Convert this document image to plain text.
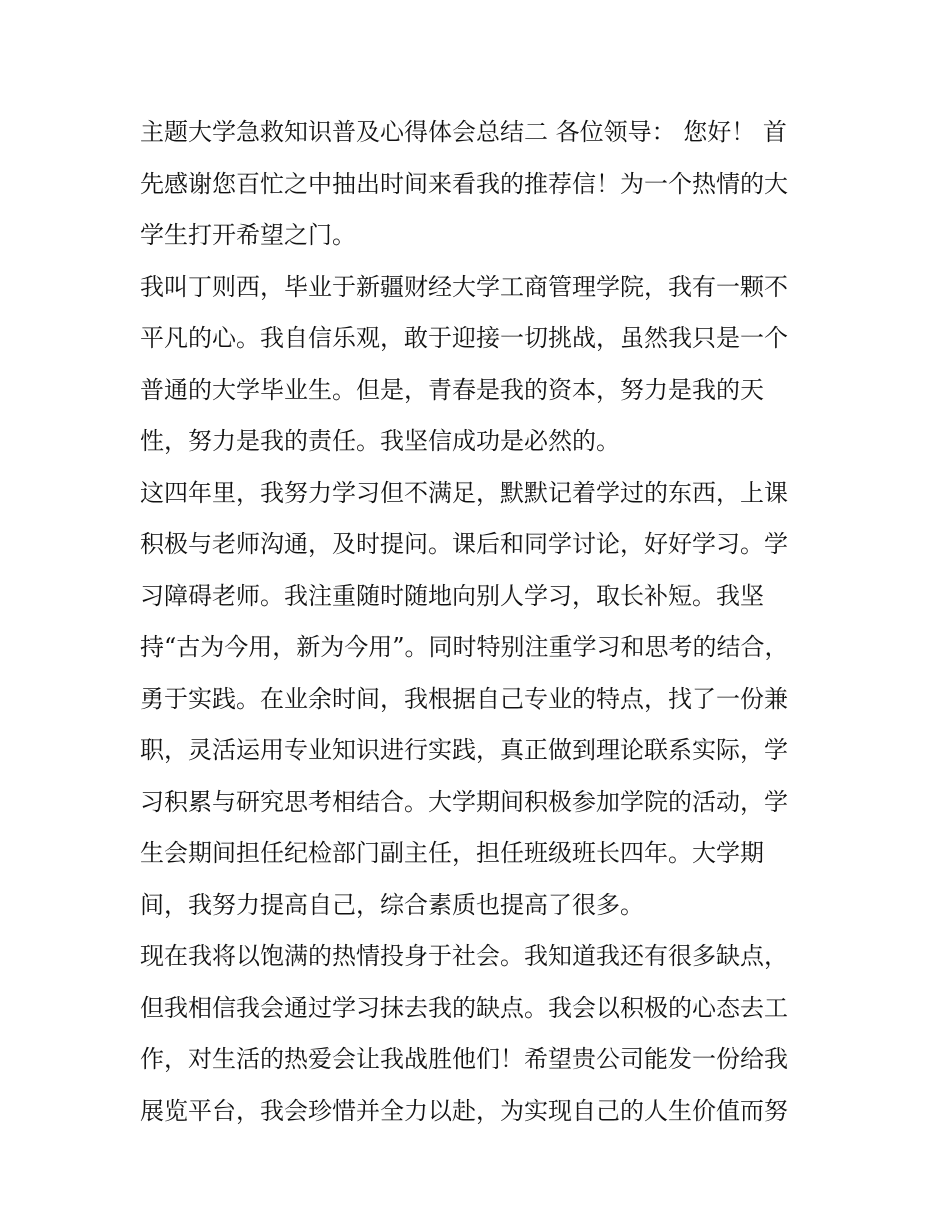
主题大学急救知识普及心得体会总结二 各位领导： 您好！ 首
先感谢您百忙之中抽出时间来看我的推荐信！为一个热情的大
学生打开希望之门。
我叫丁则西，毕业于新疆财经大学工商管理学院，我有一颗不
平凡的心。我自信乐观，敢于迎接一切挑战，虽然我只是一个
普通的大学毕业生。但是，青春是我的资本，努力是我的天
性，努力是我的责任。我坚信成功是必然的。
这四年里，我努力学习但不满足，默默记着学过的东西，上课
积极与老师沟通，及时提问。课后和同学讨论，好好学习。学
习障碍老师。我注重随时随地向别人学习，取长补短。我坚
持“古为今用，新为今用”。同时特别注重学习和思考的结合，
勇于实践。在业余时间，我根据自己专业的特点，找了一份兼
职，灵活运用专业知识进行实践，真正做到理论联系实际，学
习积累与研究思考相结合。大学期间积极参加学院的活动，学
生会期间担任纪检部门副主任，担任班级班长四年。大学期
间，我努力提高自己，综合素质也提高了很多。
现在我将以饱满的热情投身于社会。我知道我还有很多缺点，
但我相信我会通过学习抹去我的缺点。我会以积极的心态去工
作，对生活的热爱会让我战胜他们！希望贵公司能发一份给我
展览平台，我会珍惜并全力以赴，为实现自己的人生价值而努
